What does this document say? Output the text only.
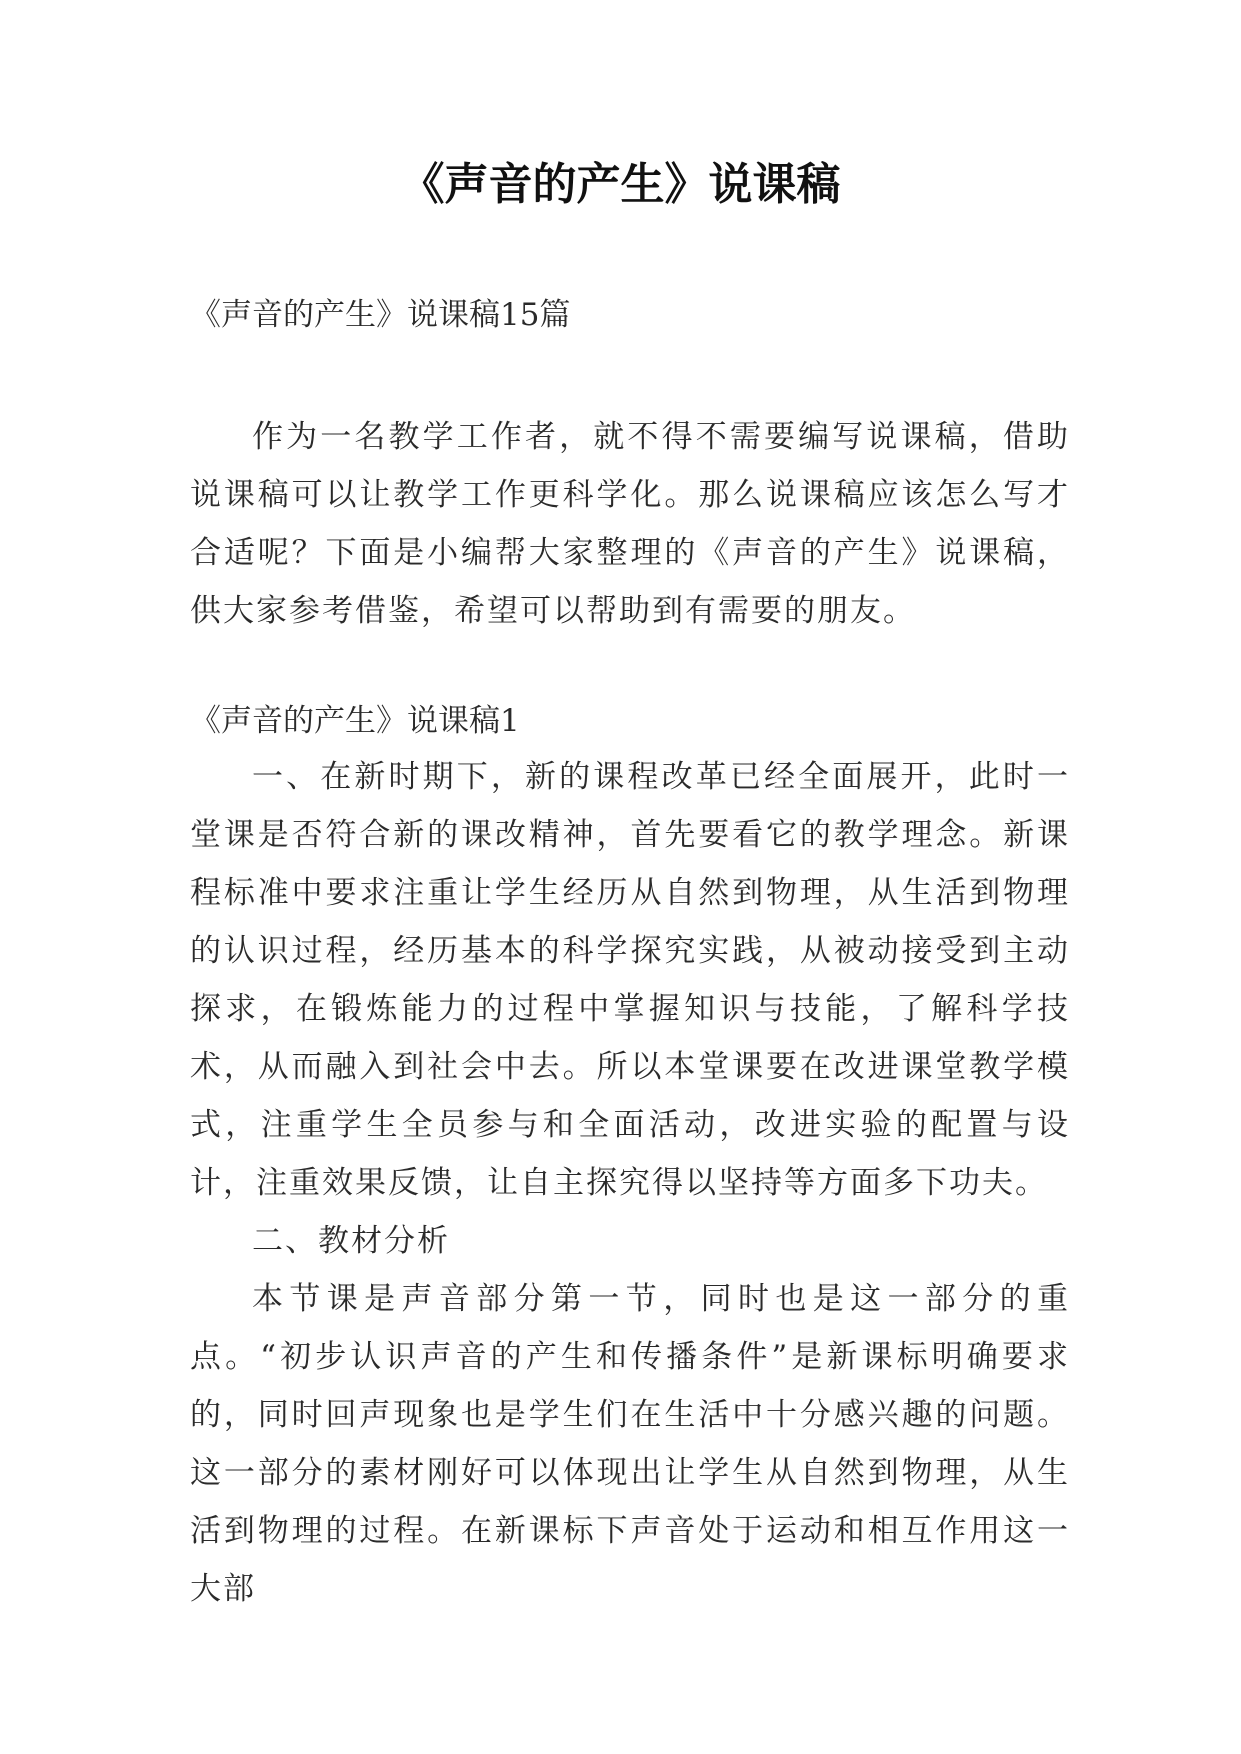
《声音的产生》说课稿
《声音的产生》说课稿15篇

作为一名教学工作者，就不得不需要编写说课稿，借助说课稿可以让教学工作更科学化。那么说课稿应该怎么写才合适呢？下面是小编帮大家整理的《声音的产生》说课稿，供大家参考借鉴，希望可以帮助到有需要的朋友。

《声音的产生》说课稿1

一、在新时期下，新的课程改革已经全面展开，此时一堂课是否符合新的课改精神，首先要看它的教学理念。新课程标准中要求注重让学生经历从自然到物理，从生活到物理的认识过程，经历基本的科学探究实践，从被动接受到主动探求，在锻炼能力的过程中掌握知识与技能，了解科学技术，从而融入到社会中去。所以本堂课要在改进课堂教学模式，注重学生全员参与和全面活动，改进实验的配置与设计，注重效果反馈，让自主探究得以坚持等方面多下功夫。

二、教材分析

本节课是声音部分第一节，同时也是这一部分的重点。“初步认识声音的产生和传播条件”是新课标明确要求的，同时回声现象也是学生们在生活中十分感兴趣的问题。这一部分的素材刚好可以体现出让学生从自然到物理，从生活到物理的过程。在新课标下声音处于运动和相互作用这一大部
